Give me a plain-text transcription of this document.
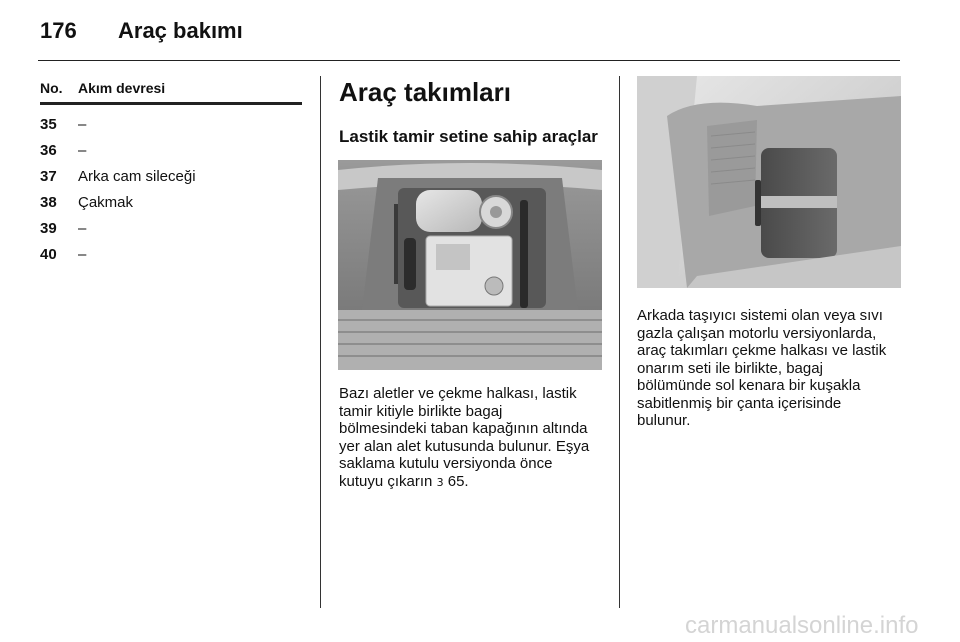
176 Araç bakımı
No.	Akım devresi
35	–
36	–
37	Arka cam sileceği
38	Çakmak
39	–
40	–
Araç takımları
Lastik tamir setine sahip araçlar

Bazı aletler ve çekme halkası, lastik
tamir kitiyle birlikte bagaj
bölmesindeki taban kapağının altında
yer alan alet kutusunda bulunur. Eşya
saklama kutulu versiyonda önce
kutuyu çıkarın 3 65.

Arkada taşıyıcı sistemi olan veya sıvı
gazla çalışan motorlu versiyonlarda,
araç takımları çekme halkası ve lastik
onarım seti ile birlikte, bagaj
bölümünde sol kenara bir kuşakla
sabitlenmiş bir çanta içerisinde
bulunur.

carmanualsonline.info
